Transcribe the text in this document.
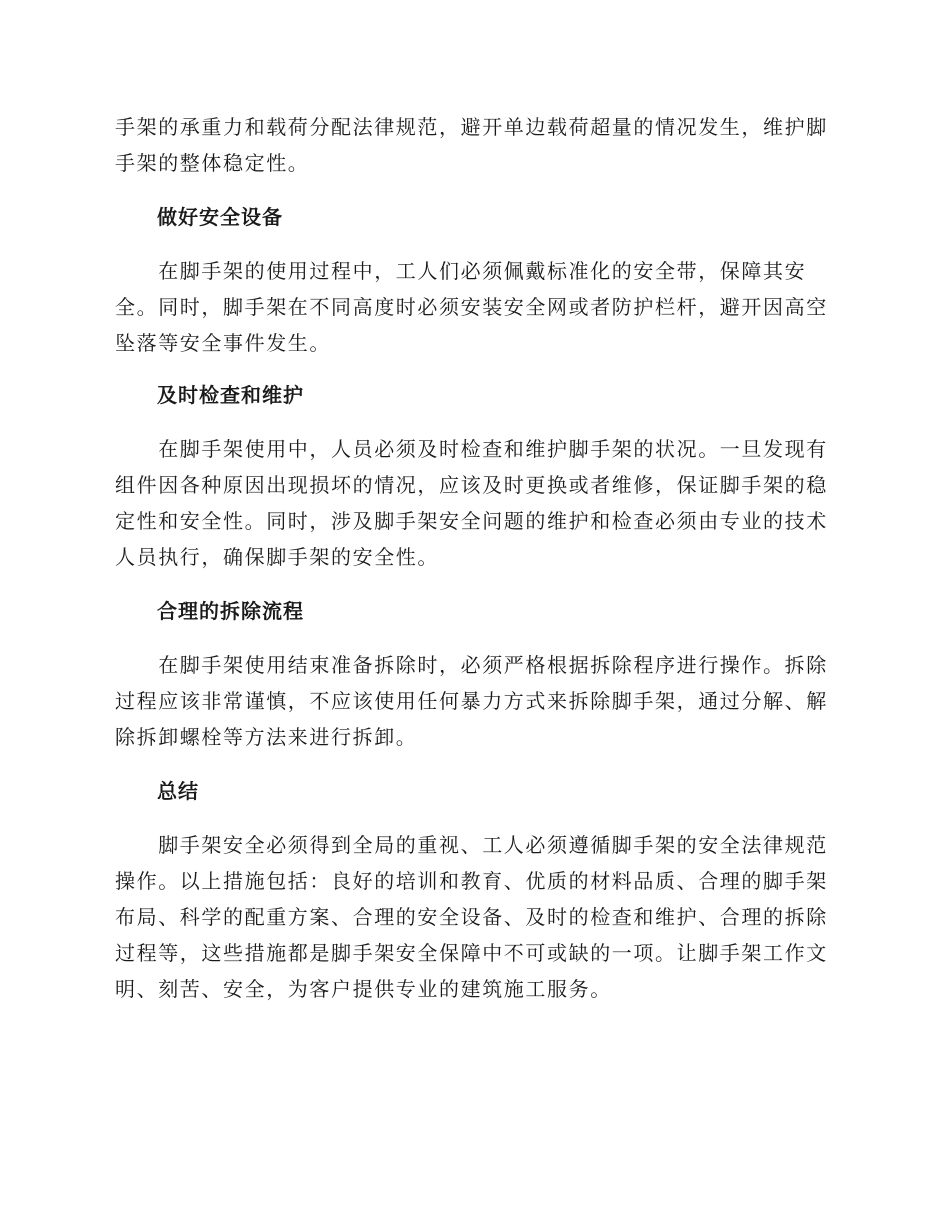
手架的承重力和载荷分配法律规范，避开单边载荷超量的情况发生，维护脚
手架的整体稳定性。

做好安全设备

　　在脚手架的使用过程中，工人们必须佩戴标准化的安全带，保障其安
全。同时，脚手架在不同高度时必须安装安全网或者防护栏杆，避开因高空
坠落等安全事件发生。

及时检查和维护

　　在脚手架使用中，人员必须及时检查和维护脚手架的状况。一旦发现有
组件因各种原因出现损坏的情况，应该及时更换或者维修，保证脚手架的稳
定性和安全性。同时，涉及脚手架安全问题的维护和检查必须由专业的技术
人员执行，确保脚手架的安全性。

合理的拆除流程

　　在脚手架使用结束准备拆除时，必须严格根据拆除程序进行操作。拆除
过程应该非常谨慎，不应该使用任何暴力方式来拆除脚手架，通过分解、解
除拆卸螺栓等方法来进行拆卸。

总结

　　脚手架安全必须得到全局的重视、工人必须遵循脚手架的安全法律规范
操作。以上措施包括：良好的培训和教育、优质的材料品质、合理的脚手架
布局、科学的配重方案、合理的安全设备、及时的检查和维护、合理的拆除
过程等，这些措施都是脚手架安全保障中不可或缺的一项。让脚手架工作文
明、刻苦、安全，为客户提供专业的建筑施工服务。
